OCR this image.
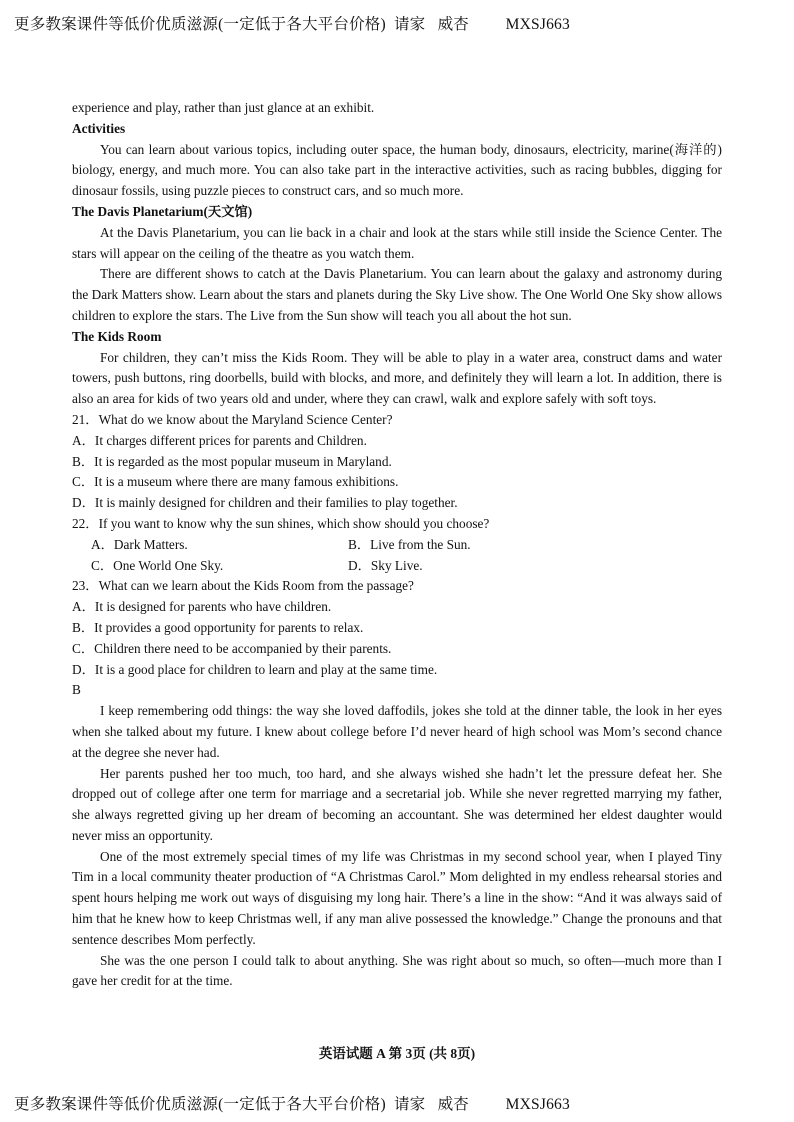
更多教案课件等低价优质滋源(一定低于各大平台价格)  请家   威杏         MXSJ663

experience and play, rather than just glance at an exhibit.

Activities

You can learn about various topics, including outer space, the human body, dinosaurs, electricity, marine(海洋的) biology, energy, and much more. You can also take part in the interactive activities, such as racing bubbles, digging for dinosaur fossils, using puzzle pieces to construct cars, and so much more.

The Davis Planetarium(天文馆)

At the Davis Planetarium, you can lie back in a chair and look at the stars while still inside the Science Center. The stars will appear on the ceiling of the theatre as you watch them.

There are different shows to catch at the Davis Planetarium. You can learn about the galaxy and astronomy during the Dark Matters show. Learn about the stars and planets during the Sky Live show. The One World One Sky show allows children to explore the stars. The Live from the Sun show will teach you all about the hot sun.

The Kids Room

For children, they can’t miss the Kids Room. They will be able to play in a water area, construct dams and water towers, push buttons, ring doorbells, build with blocks, and more, and definitely they will learn a lot. In addition, there is also an area for kids of two years old and under, where they can crawl, walk and explore safely with soft toys.

21．What do we know about the Maryland Science Center?

A．It charges different prices for parents and Children.

B．It is regarded as the most popular museum in Maryland.

C．It is a museum where there are many famous exhibitions.

D．It is mainly designed for children and their families to play together.

22．If you want to know why the sun shines, which show should you choose?

A．Dark Matters.	B．Live from the Sun.
C．One World One Sky.	D．Sky Live.

23．What can we learn about the Kids Room from the passage?

A．It is designed for parents who have children.

B．It provides a good opportunity for parents to relax.

C．Children there need to be accompanied by their parents.

D．It is a good place for children to learn and play at the same time.

B

I keep remembering odd things: the way she loved daffodils, jokes she told at the dinner table, the look in her eyes when she talked about my future. I knew about college before I’d never heard of high school was Mom’s second chance at the degree she never had.

Her parents pushed her too much, too hard, and she always wished she hadn’t let the pressure defeat her. She dropped out of college after one term for marriage and a secretarial job. While she never regretted marrying my father, she always regretted giving up her dream of becoming an accountant. She was determined her eldest daughter would never miss an opportunity.

One of the most extremely special times of my life was Christmas in my second school year, when I played Tiny Tim in a local community theater production of “A Christmas Carol.” Mom delighted in my endless rehearsal stories and spent hours helping me work out ways of disguising my long hair. There’s a line in the show: “And it was always said of him that he knew how to keep Christmas well, if any man alive possessed the knowledge.” Change the pronouns and that sentence describes Mom perfectly.

She was the one person I could talk to about anything. She was right about so much, so often—much more than I gave her credit for at the time.

英语试题 A 第 3页 (共 8页)
更多教案课件等低价优质滋源(一定低于各大平台价格)  请家   威杏         MXSJ663
